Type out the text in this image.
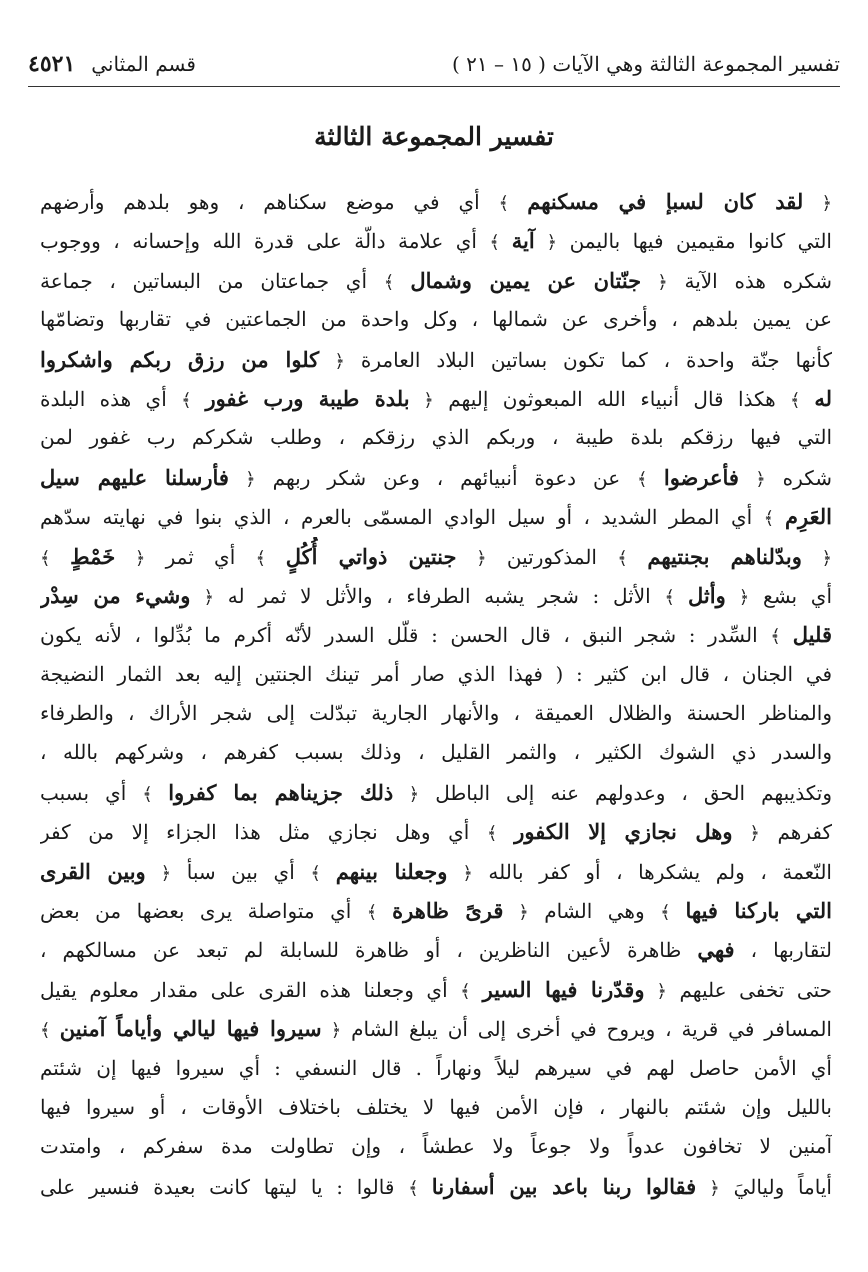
تفسير المجموعة الثالثة وهي الآيات ( ١٥ – ٢١ )
قسم المثاني
٤٥٢١
تفسير المجموعة الثالثة
﴿ لقد كان لسبإ في مسكنهم ﴾ أي في موضع سكناهم ، وهو بلدهم وأرضهم
التي كانوا مقيمين فيها باليمن ﴿ آية ﴾ أي علامة دالّة على قدرة الله وإحسانه ، ووجوب
شكره هذه الآية ﴿ جنّتان عن يمين وشمال ﴾ أي جماعتان من البساتين ، جماعة
عن يمين بلدهم ، وأخرى عن شمالها ، وكل واحدة من الجماعتين في تقاربها وتضامّها
كأنها جنّة واحدة ، كما تكون بساتين البلاد العامرة ﴿ كلوا من رزق ربكم واشكروا
له ﴾ هكذا قال أنبياء الله المبعوثون إليهم ﴿ بلدة طيبة ورب غفور ﴾ أي هذه البلدة
التي فيها رزقكم بلدة طيبة ، وربكم الذي رزقكم ، وطلب شكركم رب غفور لمن
شكره ﴿ فأعرضوا ﴾ عن دعوة أنبيائهم ، وعن شكر ربهم ﴿ فأرسلنا عليهم سيل
العَرِم ﴾ أي المطر الشديد ، أو سيل الوادي المسمّى بالعرم ، الذي بنوا في نهايته سدّهم
﴿ وبدّلناهم بجنتيهم ﴾ المذكورتين ﴿ جنتين ذواتي أُكُلٍ ﴾ أي ثمر ﴿ خَمْطٍ ﴾
أي بشع ﴿ وأثل ﴾ الأثل : شجر يشبه الطرفاء ، والأثل لا ثمر له ﴿ وشيء من سِدْر
قليل ﴾ السِّدر : شجر النبق ، قال الحسن : قلّل السدر لأنّه أكرم ما بُدِّلوا ، لأنه يكون
في الجنان ، قال ابن كثير : ( فهذا الذي صار أمر تينك الجنتين إليه بعد الثمار النضيجة
والمناظر الحسنة والظلال العميقة ، والأنهار الجارية تبدّلت إلى شجر الأراك ، والطرفاء
والسدر ذي الشوك الكثير ، والثمر القليل ، وذلك بسبب كفرهم ، وشركهم بالله ،
وتكذيبهم الحق ، وعدولهم عنه إلى الباطل ﴿ ذلك جزيناهم بما كفروا ﴾ أي بسبب
كفرهم ﴿ وهل نجازي إلا الكفور ﴾ أي وهل نجازي مثل هذا الجزاء إلا من كفر
النّعمة ، ولم يشكرها ، أو كفر بالله ﴿ وجعلنا بينهم ﴾ أي بين سبأ ﴿ وبين القرى
التي باركنا فيها ﴾ وهي الشام ﴿ قرىً ظاهرة ﴾ أي متواصلة يرى بعضها من بعض
لتقاربها ، فهي ظاهرة لأعين الناظرين ، أو ظاهرة للسابلة لم تبعد عن مسالكهم ،
حتى تخفى عليهم ﴿ وقدّرنا فيها السير ﴾ أي وجعلنا هذه القرى على مقدار معلوم يقيل
المسافر في قرية ، ويروح في أخرى إلى أن يبلغ الشام ﴿ سيروا فيها ليالي وأياماً آمنين ﴾
أي الأمن حاصل لهم في سيرهم ليلاً ونهاراً . قال النسفي : أي سيروا فيها إن شئتم
بالليل وإن شئتم بالنهار ، فإن الأمن فيها لا يختلف باختلاف الأوقات ، أو سيروا فيها
آمنين لا تخافون عدواً ولا جوعاً ولا عطشاً ، وإن تطاولت مدة سفركم ، وامتدت
أياماً ولياليَ ﴿ فقالوا ربنا باعد بين أسفارنا ﴾ قالوا : يا ليتها كانت بعيدة فنسير على
